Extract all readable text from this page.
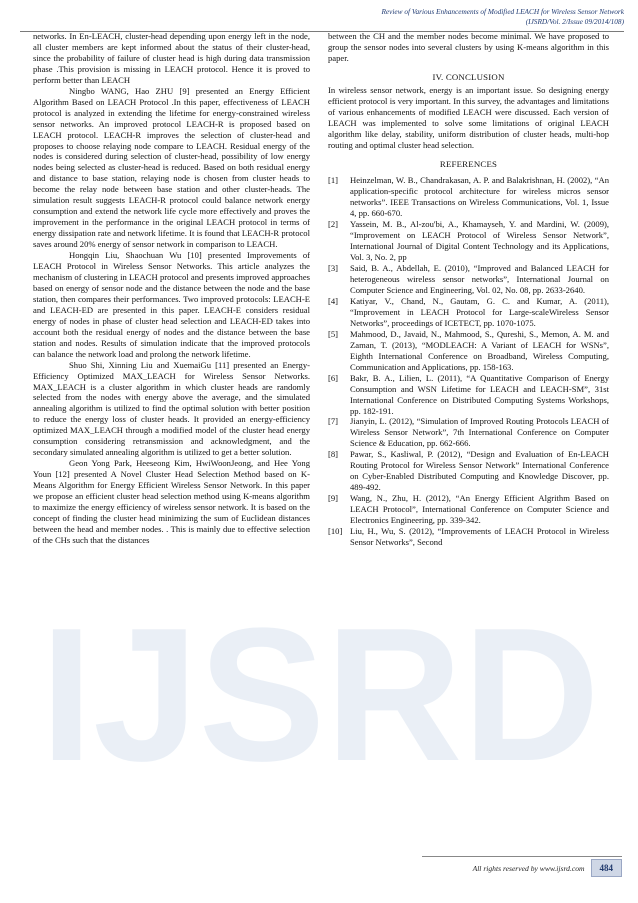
Review of Various Enhancements of Modified LEACH for Wireless Sensor Network
(IJSRD/Vol. 2/Issue 09/2014/108)
IJSRD

networks. In En-LEACH, cluster-head depending upon energy left in the node, all cluster members are kept informed about the status of their cluster-head, since the probability of failure of cluster head is high during data transmission phase .This provision is missing in LEACH protocol. Hence it is proved to perform better than LEACH

Ningbo WANG, Hao ZHU [9] presented an Energy Efficient Algorithm Based on LEACH Protocol .In this paper, effectiveness of LEACH protocol is analyzed in extending the lifetime for energy-constrained wireless sensor networks. An improved protocol LEACH-R is proposed based on LEACH protocol. LEACH-R improves the selection of cluster-head and proposes to choose relaying node compare to LEACH. Residual energy of the nodes is considered during selection of cluster-head, possibility of low energy nodes being selected as cluster-head is reduced. Based on both residual energy and distance to base station, relaying node is chosen from cluster heads to become the relay node between base station and other cluster-heads. The simulation result suggests LEACH-R protocol could balance network energy consumption and extend the network life cycle more effectively and proves the improvement in the performance in the original LEACH protocol in terms of energy dissipation rate and network lifetime. It is found that LEACH-R protocol saves around 20% energy of sensor network in comparison to LEACH.

Hongqin Liu, Shaochuan Wu [10] presented Improvements of LEACH Protocol in Wireless Sensor Networks. This article analyzes the mechanism of clustering in LEACH protocol and presents improved approaches based on energy of sensor node and the distance between the node and the base station, then compares their performances. Two improved protocols: LEACH-E and LEACH-ED are presented in this paper. LEACH-E considers residual energy of nodes in phase of cluster head selection and LEACH-ED takes into account both the residual energy of nodes and the distance between the base station and nodes. Results of simulation indicate that the improved protocols can balance the network load and prolong the network lifetime.

Shuo Shi, Xinning Liu and XuemaiGu [11] presented an Energy-Efficiency Optimized MAX_LEACH for Wireless Sensor Networks. MAX_LEACH is a cluster algorithm in which cluster heads are randomly selected from the nodes with energy above the average, and the simulated annealing algorithm is utilized to find the optimal solution with better position to reduce the energy loss of cluster heads. It provided an energy-efficiency optimized MAX_LEACH through a modified model of the cluster head energy consumption considering retransmission and acknowledgment, and the secondary simulated annealing algorithm is utilized to get a better solution.

Geon Yong Park, Heeseong Kim, HwiWoonJeong, and Hee Yong Youn [12] presented A Novel Cluster Head Selection Method based on K-Means Algorithm for Energy Efficient Wireless Sensor Network. In this paper we propose an efficient cluster head selection method using K-means algorithm to maximize the energy efficiency of wireless sensor network. It is based on the concept of finding the cluster head minimizing the sum of Euclidean distances between the head and member nodes. . This is mainly due to effective selection of the CHs such that the distances

between the CH and the member nodes become minimal. We have proposed to group the sensor nodes into several clusters by using K-means algorithm in this paper.

IV. CONCLUSION

In wireless sensor network, energy is an important issue. So designing energy efficient protocol is very important. In this survey, the advantages and limitations of various enhancements of modified LEACH were discussed. Each version of LEACH was implemented to solve some limitations of original LEACH algorithm like delay, stability, uniform distribution of cluster heads, multi-hop routing and optimal cluster head selection.

REFERENCES

[1]	Heinzelman, W. B., Chandrakasan, A. P. and Balakrishnan, H. (2002), “An application-specific protocol architecture for wireless micros sensor networks”. IEEE Transactions on Wireless Communications, Vol. 1, Issue 4, pp. 660-670.
[2]	Yassein, M. B., Al-zou'bi, A., Khamayseh, Y. and Mardini, W. (2009), “Improvement on LEACH Protocol of Wireless Sensor Network”, International Journal of Digital Content Technology and its Applications, Vol. 3, No. 2, pp
[3]	Said, B. A., Abdellah, E. (2010), “Improved and Balanced LEACH for heterogeneous wireless sensor networks”, International Journal on Computer Science and Engineering, Vol. 02, No. 08, pp. 2633-2640.
[4]	Katiyar, V., Chand, N., Gautam, G. C. and Kumar, A. (2011), “Improvement in LEACH Protocol for Large-scaleWireless Sensor Networks”, proceedings of ICETECT, pp. 1070-1075.
[5]	Mahmood, D., Javaid, N., Mahmood, S., Qureshi, S., Memon, A. M. and Zaman, T. (2013), “MODLEACH: A Variant of LEACH for WSNs”, Eighth International Conference on Broadband, Wireless Computing, Communication and Applications, pp. 158-163.
[6]	Bakr, B. A., Lilien, L. (2011), “A Quantitative Comparison of Energy Consumption and WSN Lifetime for LEACH and LEACH-SM”, 31st International Conference on Distributed Computing Systems Workshops, pp. 182-191.
[7]	Jianyin, L. (2012), “Simulation of Improved Routing Protocols LEACH of Wireless Sensor Network”, 7th International Conference on Computer Science & Education, pp. 662-666.
[8]	Pawar, S., Kasliwal, P. (2012), “Design and Evaluation of En-LEACH Routing Protocol for Wireless Sensor Network” International Conference on Cyber-Enabled Distributed Computing and Knowledge Discover, pp. 489-492.
[9]	Wang, N., Zhu, H. (2012), “An Energy Efficient Algrithm Based on LEACH Protocol”, International Conference on Computer Science and Electronics Engineering, pp. 339-342.
[10] Liu, H., Wu, S. (2012), “Improvements of LEACH Protocol in Wireless Sensor Networks”, Second
All rights reserved by www.ijsrd.com	484
